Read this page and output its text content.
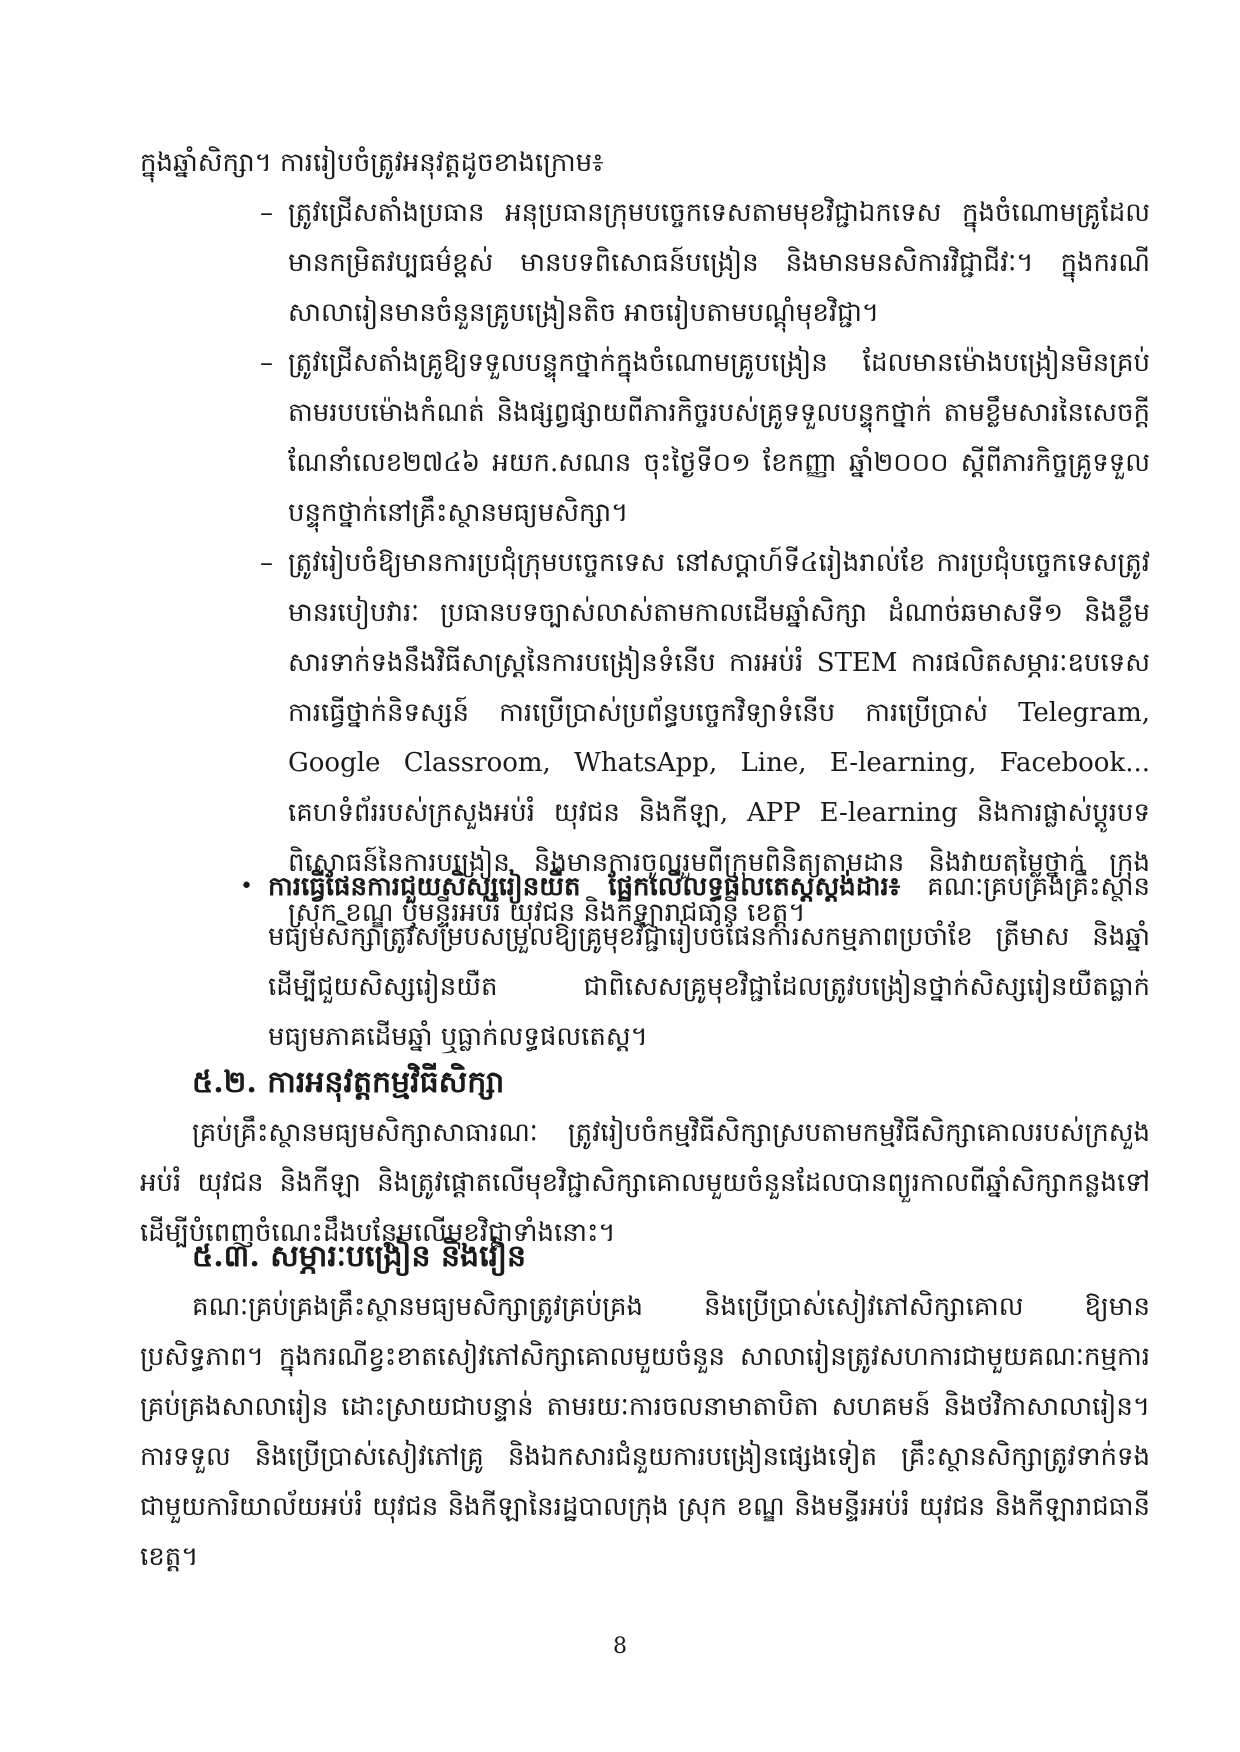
ក្នុងឆ្នាំសិក្សា។ ការរៀបចំត្រូវអនុវត្តដូចខាងក្រោម៖

– ត្រូវជ្រើសតាំងប្រធាន អនុប្រធានក្រុមបច្ចេកទេសតាមមុខវិជ្ជាឯកទេស ក្នុងចំណោមគ្រូដែលមានកម្រិតវប្បធម៌ខ្ពស់ មានបទពិសោធន៍បង្រៀន និងមានមនសិការវិជ្ជាជីវៈ។ ក្នុងករណីសាលារៀនមានចំនួនគ្រូបង្រៀនតិច អាចរៀបតាមបណ្ដុំមុខវិជ្ជា។
– ត្រូវជ្រើសតាំងគ្រូឱ្យទទួលបន្ទុកថ្នាក់ក្នុងចំណោមគ្រូបង្រៀន ដែលមានម៉ោងបង្រៀនមិនគ្រប់តាមរបបម៉ោងកំណត់ និងផ្សព្វផ្សាយពីភារកិច្ចរបស់គ្រូទទួលបន្ទុកថ្នាក់ តាមខ្លឹមសារនៃសេចក្តីណែនាំលេខ២៧៤៦ អយក.សណន ចុះថ្ងៃទី០១ ខែកញ្ញា ឆ្នាំ២០០០ ស្តីពីភារកិច្ចគ្រូទទួលបន្ទុកថ្នាក់នៅគ្រឹះស្ថានមធ្យមសិក្សា។
– ត្រូវរៀបចំឱ្យមានការប្រជុំក្រុមបច្ចេកទេស នៅសប្តាហ៍ទី៤រៀងរាល់ខែ ការប្រជុំបច្ចេកទេសត្រូវមានរបៀបវារៈ ប្រធានបទច្បាស់លាស់តាមកាលដើមឆ្នាំសិក្សា ដំណាច់ឆមាសទី១ និងខ្លឹមសារទាក់ទងនឹងវិធីសាស្ត្រនៃការបង្រៀនទំនើប ការអប់រំ STEM ការផលិតសម្ភារៈឧបទេស ការធ្វើថ្នាក់និទស្សន៍ ការប្រើប្រាស់ប្រព័ន្ធបច្ចេកវិទ្យាទំនើប ការប្រើប្រាស់ Telegram, Google Classroom, WhatsApp, Line, E-learning, Facebook... គេហទំព័ររបស់ក្រសួងអប់រំ យុវជន និងកីឡា, APP E-learning និងការផ្លាស់ប្តូរបទពិសោធន៍នៃការបង្រៀន និងមានការចូលរួមពីក្រុមពិនិត្យតាមដាន និងវាយតម្លៃថ្នាក់ ក្រុង ស្រុក ខណ្ឌ ឬមន្ទីរអប់រំ យុវជន និងកីឡារាជធានី ខេត្ត។
• ការធ្វើផែនការជួយសិស្សរៀនយឺត ផ្អែកលើលទ្ធផលតេស្តស្តង់ដារ៖ គណៈគ្រប់គ្រងគ្រឹះស្ថានមធ្យមសិក្សាត្រូវសម្របសម្រួលឱ្យគ្រូមុខវិជ្ជារៀបចំផែនការសកម្មភាពប្រចាំខែ ត្រីមាស និងឆ្នាំ ដើម្បីជួយសិស្សរៀនយឺត ជាពិសេសគ្រូមុខវិជ្ជាដែលត្រូវបង្រៀនថ្នាក់សិស្សរៀនយឺតធ្លាក់មធ្យមភាគដើមឆ្នាំ ឬធ្លាក់លទ្ធផលតេស្ត។
៥.២. ការអនុវត្តកម្មវិធីសិក្សា

គ្រប់គ្រឹះស្ថានមធ្យមសិក្សាសាធារណៈ ត្រូវរៀបចំកម្មវិធីសិក្សាស្របតាមកម្មវិធីសិក្សាគោលរបស់ក្រសួងអប់រំ យុវជន និងកីឡា និងត្រូវផ្តោតលើមុខវិជ្ជាសិក្សាគោលមួយចំនួនដែលបានព្យួរកាលពីឆ្នាំសិក្សាកន្លងទៅ ដើម្បីបំពេញចំណេះដឹងបន្ថែមលើមុខវិជ្ជាទាំងនោះ។

៥.៣. សម្ភារៈបង្រៀន និងរៀន

គណៈគ្រប់គ្រងគ្រឹះស្ថានមធ្យមសិក្សាត្រូវគ្រប់គ្រង និងប្រើប្រាស់សៀវភៅសិក្សាគោល ឱ្យមានប្រសិទ្ធភាព។ ក្នុងករណីខ្វះខាតសៀវភៅសិក្សាគោលមួយចំនួន សាលារៀនត្រូវសហការជាមួយគណៈកម្មការគ្រប់គ្រងសាលារៀន ដោះស្រាយជាបន្ទាន់ តាមរយៈការចលនាមាតាបិតា សហគមន៍ និងថវិកាសាលារៀន។ ការទទួល និងប្រើប្រាស់សៀវភៅគ្រូ និងឯកសារជំនួយការបង្រៀនផ្សេងទៀត គ្រឹះស្ថានសិក្សាត្រូវទាក់ទងជាមួយការិយាល័យអប់រំ យុវជន និងកីឡានៃរដ្ឋបាលក្រុង ស្រុក ខណ្ឌ និងមន្ទីរអប់រំ យុវជន និងកីឡារាជធានី ខេត្ត។

8
